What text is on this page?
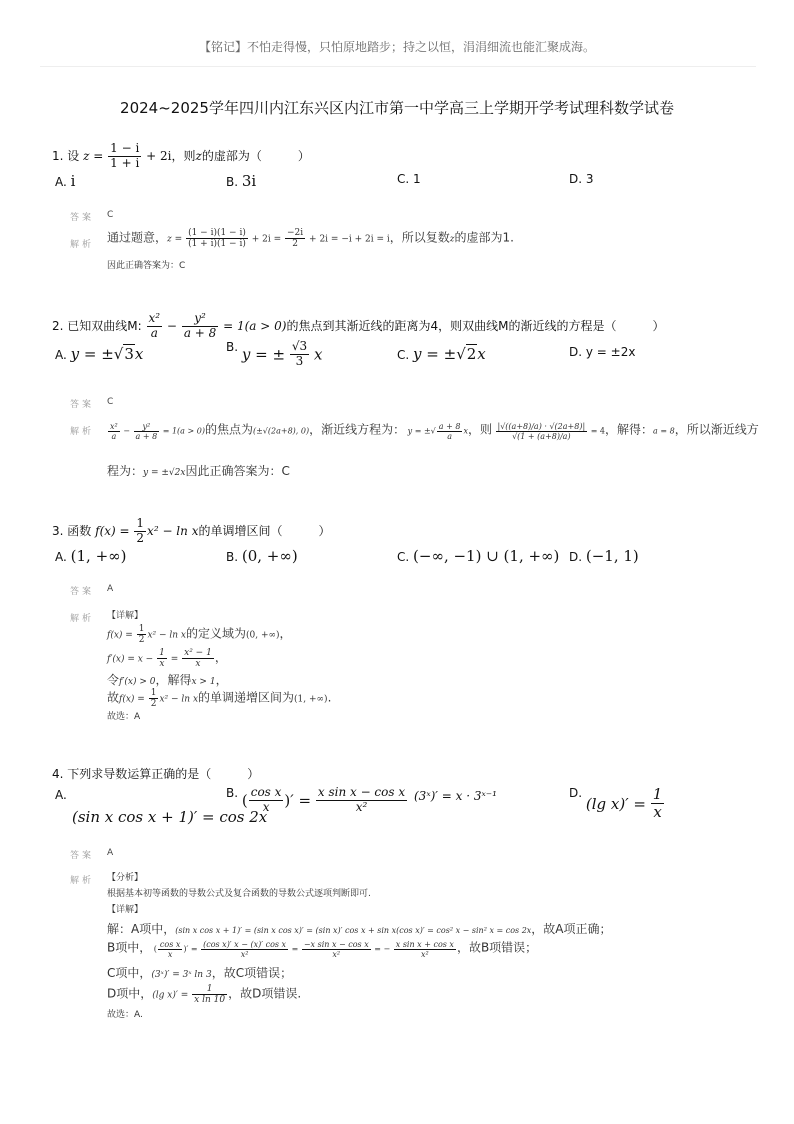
【铭记】不怕走得慢，只怕原地踏步；持之以恒，涓涓细流也能汇聚成海。
2024~2025学年四川内江东兴区内江市第一中学高三上学期开学考试理科数学试卷
1. 设 $z = \frac{1 - i}{1 + i} + 2i$，则z的虚部为（　　　）
A. i	B. 3i	C. 1	D. 3
答案 C
解析
通过题意，$z = \frac{(1 - i)(1 - i)}{(1 + i)(1 - i)} + 2i = \frac{-2i}{2} + 2i = -i + 2i = i$，所以复数z的虚部为1.
因此正确答案为：C
2. 已知双曲线M: $\frac{\text{x²}}{a} - \frac{\text{y²}}{a + 8} = 1(a > 0)$的焦点到其渐近线的距离为4，则双曲线M的渐近线的方程是（　　　）
A. y = ±√3x	B. y = ± $\frac{√3}{3}$ x	C. y = ±√2x	D. y = ±2x
答案 C
解析 $\frac{\text{x²}}{a} - \frac{\text{y²}}{a + 8} = 1(a > 0)$的焦点为(±√(2a+8), 0)，渐近线方程为： y = ±√ $\frac{a + 8}{a}$ x，则 $\frac{|√((a+8)/a) \cdot √(2a+8)|}{√(1 + (a+8)/a)} = 4$，解得：a = 8，所以渐近线方
程为：y = ±√2x因此正确答案为：C
3. 函数 $f(x) = \frac{1}{2} x^2 - \ln x$的单调增区间（　　　）
A. (1, +∞)	B. (0, +∞)	C. (−∞, −1) ∪ (1, +∞) D. (−1, 1)
答案 A
解析 【详解】
$f(x) = \frac{1}{2} x^2 - \ln x$的定义域为(0, +∞)，
$f'(x) = x - \frac{1}{x} = \frac{\text{x² − 1}}{x}$ ，
令f′(x) > 0，解得x > 1，
故$f(x) = \frac{1}{2} x^2 - \ln x$的单调递增区间为(1, +∞).
故选：A
4. 下列求导数运算正确的是（　　　）
A.
(sin x cos x + 1)′ = cos 2x
B. ( $\frac{\text{cos x}}{x}$ )′ = $\frac{\text{x sin x − cos x}}{\text{x²}}$ (3ˣ)′ = x · 3ˣ⁻¹	D. (lg $x)' = \frac{1}{x}$
答案 A
解析 【分析】
根据基本初等函数的导数公式及复合函数的导数公式逐项判断即可.
【详解】
解：A项中，(sin x cos x + 1)′ = (sin x cos x)′ = (sin x)′ cos x + sin x(cos x)′ = cos² x − sin² x = cos 2x，故A项正确；
B项中， ( $\frac{\text{cos x}}{x}$ )′ = $\frac{\text{(cos x)′ x − (x)′ cos x}}{\text{x²}} = \frac{\text{−x sin x − cos x}}{\text{x²}}$ = − $\frac{\text{x sin x + cos x}}{\text{x²}}$ ，故B项错误；
C项中，(3ˣ)′ = 3ˣ ln 3，故C项错误；
D项中，(lg $x)' = \frac{1}{\text{x ln 10}}$ ，故D项错误.
故选：A.
